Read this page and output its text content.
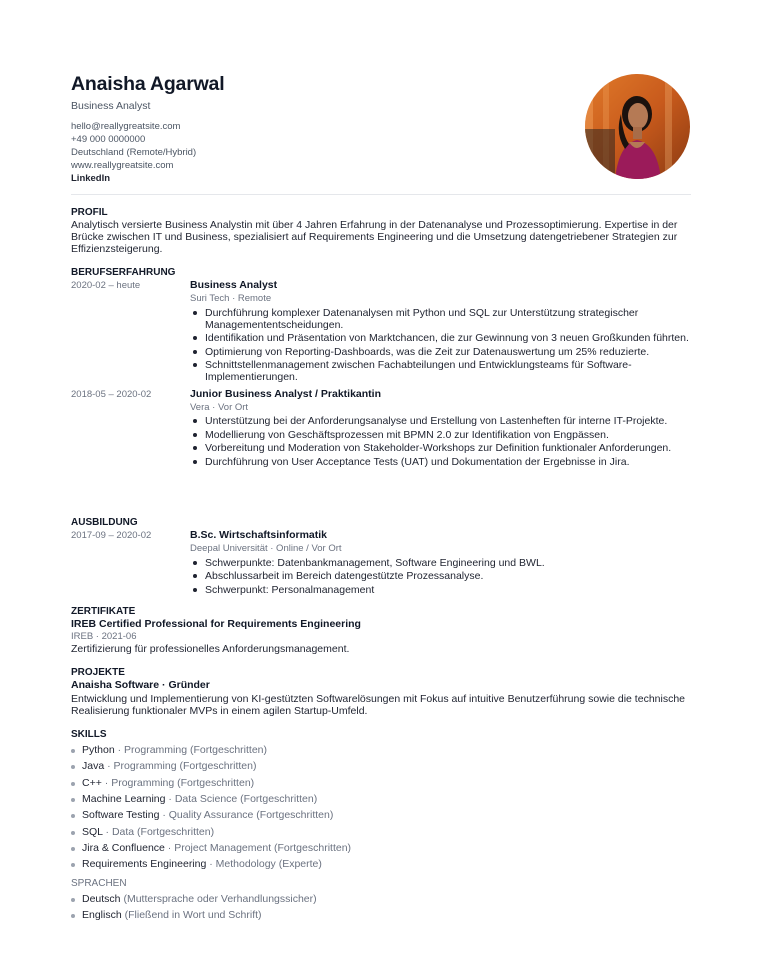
Anaisha Agarwal
Business Analyst
hello@reallygreatsite.com
+49 000 0000000
Deutschland (Remote/Hybrid)
www.reallygreatsite.com
LinkedIn
PROFIL
Analytisch versierte Business Analystin mit über 4 Jahren Erfahrung in der Datenanalyse und Prozessoptimierung. Expertise in der Brücke zwischen IT und Business, spezialisiert auf Requirements Engineering und die Umsetzung datengetriebener Strategien zur Effizienzsteigerung.
BERUFSERFAHRUNG
2020-02 – heute	Business Analyst
Suri Tech · Remote
Durchführung komplexer Datenanalysen mit Python und SQL zur Unterstützung strategischer Managemententscheidungen.
Identifikation und Präsentation von Marktchancen, die zur Gewinnung von 3 neuen Großkunden führten.
Optimierung von Reporting-Dashboards, was die Zeit zur Datenauswertung um 25% reduzierte.
Schnittstellenmanagement zwischen Fachabteilungen und Entwicklungsteams für Software-Implementierungen.
2018-05 – 2020-02	Junior Business Analyst / Praktikantin
Vera · Vor Ort
Unterstützung bei der Anforderungsanalyse und Erstellung von Lastenheften für interne IT-Projekte.
Modellierung von Geschäftsprozessen mit BPMN 2.0 zur Identifikation von Engpässen.
Vorbereitung und Moderation von Stakeholder-Workshops zur Definition funktionaler Anforderungen.
Durchführung von User Acceptance Tests (UAT) und Dokumentation der Ergebnisse in Jira.
AUSBILDUNG
2017-09 – 2020-02	B.Sc. Wirtschaftsinformatik
Deepal Universität · Online / Vor Ort
Schwerpunkte: Datenbankmanagement, Software Engineering und BWL.
Abschlussarbeit im Bereich datengestützte Prozessanalyse.
Schwerpunkt: Personalmanagement
ZERTIFIKATE
IREB Certified Professional for Requirements Engineering
IREB · 2021-06
Zertifizierung für professionelles Anforderungsmanagement.
PROJEKTE
Anaisha Software · Gründer
Entwicklung und Implementierung von KI-gestützten Softwarelösungen mit Fokus auf intuitive Benutzerführung sowie die technische Realisierung funktionaler MVPs in einem agilen Startup-Umfeld.
SKILLS
Python · Programming (Fortgeschritten)
Java · Programming (Fortgeschritten)
C++ · Programming (Fortgeschritten)
Machine Learning · Data Science (Fortgeschritten)
Software Testing · Quality Assurance (Fortgeschritten)
SQL · Data (Fortgeschritten)
Jira & Confluence · Project Management (Fortgeschritten)
Requirements Engineering · Methodology (Experte)
SPRACHEN
Deutsch (Muttersprache oder Verhandlungssicher)
Englisch (Fließend in Wort und Schrift)
